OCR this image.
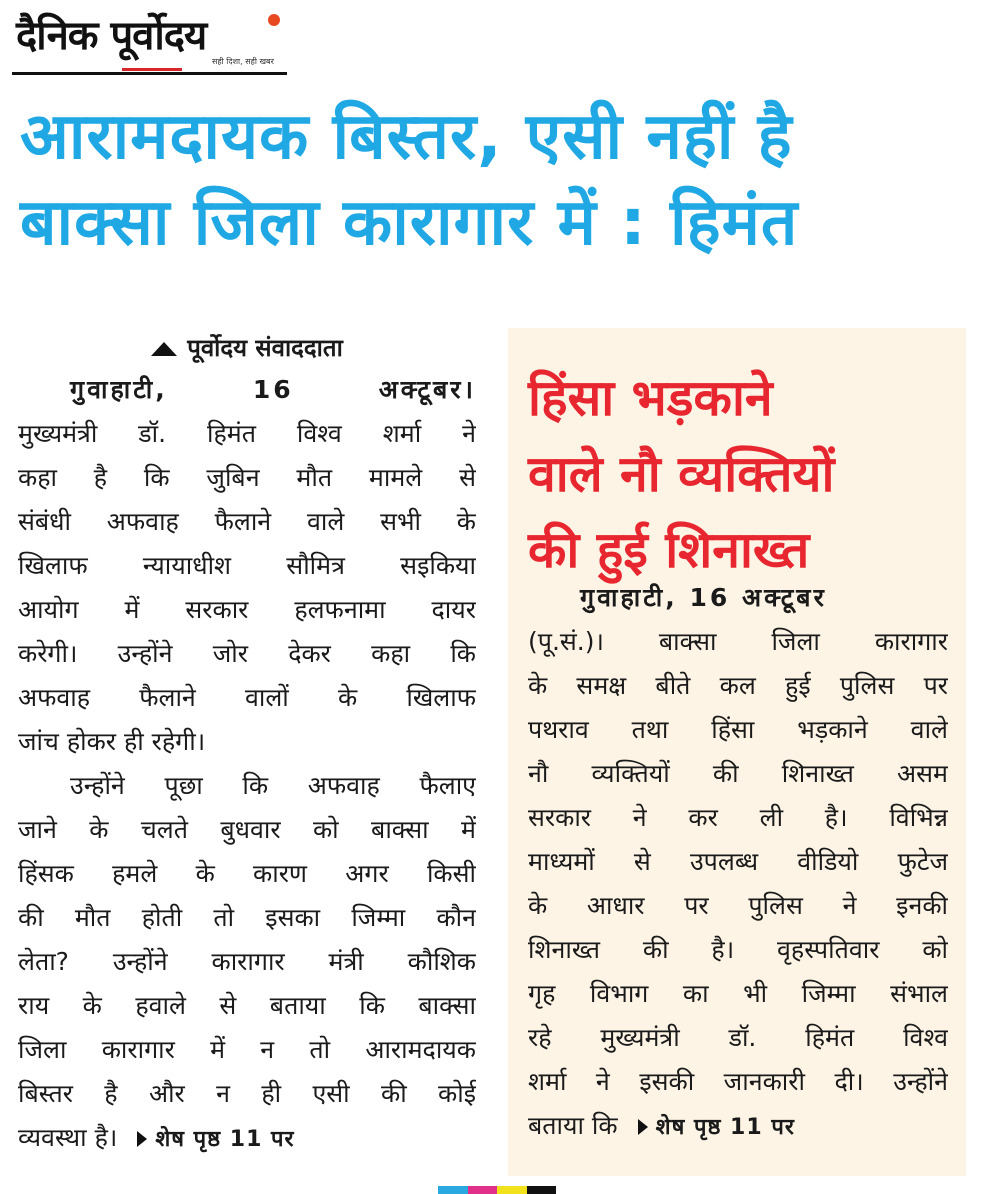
दैनिक पूर्वोदय
सही दिशा, सही खबर
आरामदायक बिस्तर, एसी नहीं है
बाक्सा जिला कारागार में : हिमंत
पूर्वोदय संवाददाता
गुवाहाटी, 16 अक्टूबर।
मुख्यमंत्री डॉ. हिमंत विश्व शर्मा ने
कहा है कि जुबिन मौत मामले से
संबंधी अफवाह फैलाने वाले सभी के
खिलाफ न्यायाधीश सौमित्र सइकिया
आयोग में सरकार हलफनामा दायर
करेगी। उन्होंने जोर देकर कहा कि
अफवाह फैलाने वालों के खिलाफ
जांच होकर ही रहेगी।
उन्होंने पूछा कि अफवाह फैलाए
जाने के चलते बुधवार को बाक्सा में
हिंसक हमले के कारण अगर किसी
की मौत होती तो इसका जिम्मा कौन
लेता? उन्होंने कारागार मंत्री कौशिक
राय के हवाले से बताया कि बाक्सा
जिला कारागार में न तो आरामदायक
बिस्तर है और न ही एसी की कोई
व्यवस्था है। शेष पृष्ठ 11 पर
हिंसा भड़काने
वाले नौ व्यक्तियों
की हुई शिनाख्त
गुवाहाटी, 16 अक्टूबर
(पू.सं.)। बाक्सा जिला कारागार
के समक्ष बीते कल हुई पुलिस पर
पथराव तथा हिंसा भड़काने वाले
नौ व्यक्तियों की शिनाख्त असम
सरकार ने कर ली है। विभिन्न
माध्यमों से उपलब्ध वीडियो फुटेज
के आधार पर पुलिस ने इनकी
शिनाख्त की है। वृहस्पतिवार को
गृह विभाग का भी जिम्मा संभाल
रहे मुख्यमंत्री डॉ. हिमंत विश्व
शर्मा ने इसकी जानकारी दी। उन्होंने
बताया कि शेष पृष्ठ 11 पर
